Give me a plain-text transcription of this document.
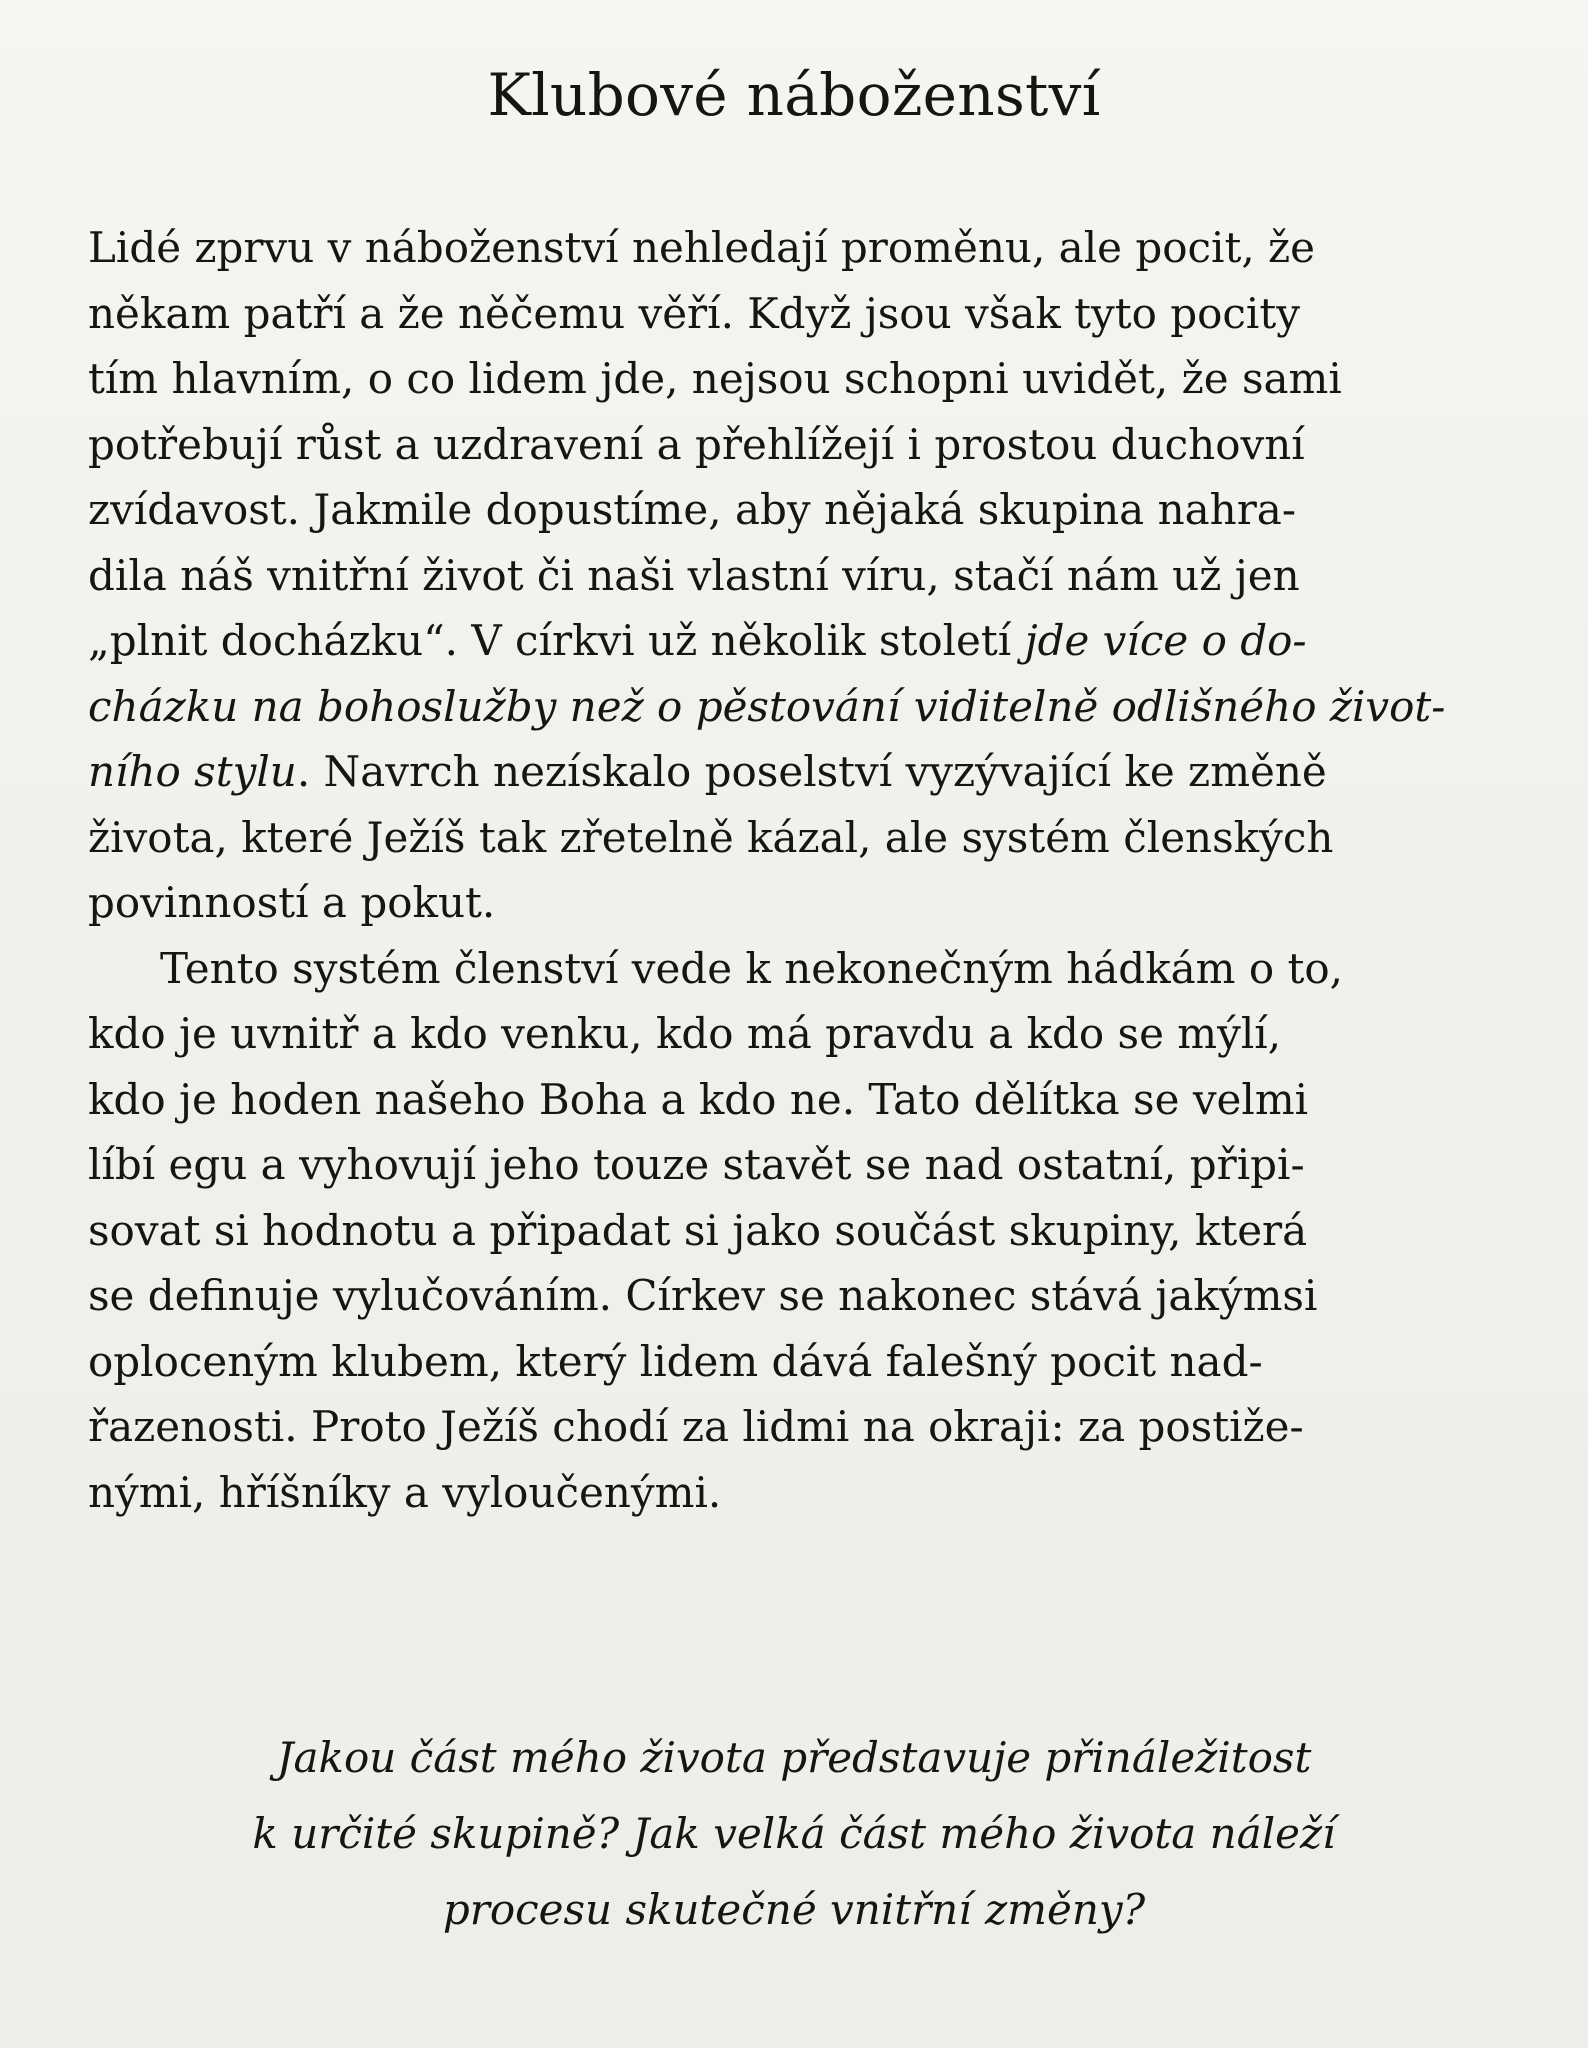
Klubové náboženství
Lidé zprvu v náboženství nehledají proměnu, ale pocit, že
někam patří a že něčemu věří. Když jsou však tyto pocity
tím hlavním, o co lidem jde, nejsou schopni uvidět, že sami
potřebují růst a uzdravení a přehlížejí i prostou duchovní
zvídavost. Jakmile dopustíme, aby nějaká skupina nahra-
dila náš vnitřní život či naši vlastní víru, stačí nám už jen
„plnit docházku“. V církvi už několik století jde více o do-
cházku na bohoslužby než o pěstování viditelně odlišného život-
ního stylu. Navrch nezískalo poselství vyzývající ke změně
života, které Ježíš tak zřetelně kázal, ale systém členských
povinností a pokut.
Tento systém členství vede k nekonečným hádkám o to,
kdo je uvnitř a kdo venku, kdo má pravdu a kdo se mýlí,
kdo je hoden našeho Boha a kdo ne. Tato dělítka se velmi
líbí egu a vyhovují jeho touze stavět se nad ostatní, připi-
sovat si hodnotu a připadat si jako součást skupiny, která
se definuje vylučováním. Církev se nakonec stává jakýmsi
oploceným klubem, který lidem dává falešný pocit nad-
řazenosti. Proto Ježíš chodí za lidmi na okraji: za postiže-
nými, hříšníky a vyloučenými.
Jakou část mého života představuje přináležitost
k určité skupině? Jak velká část mého života náleží
procesu skutečné vnitřní změny?
